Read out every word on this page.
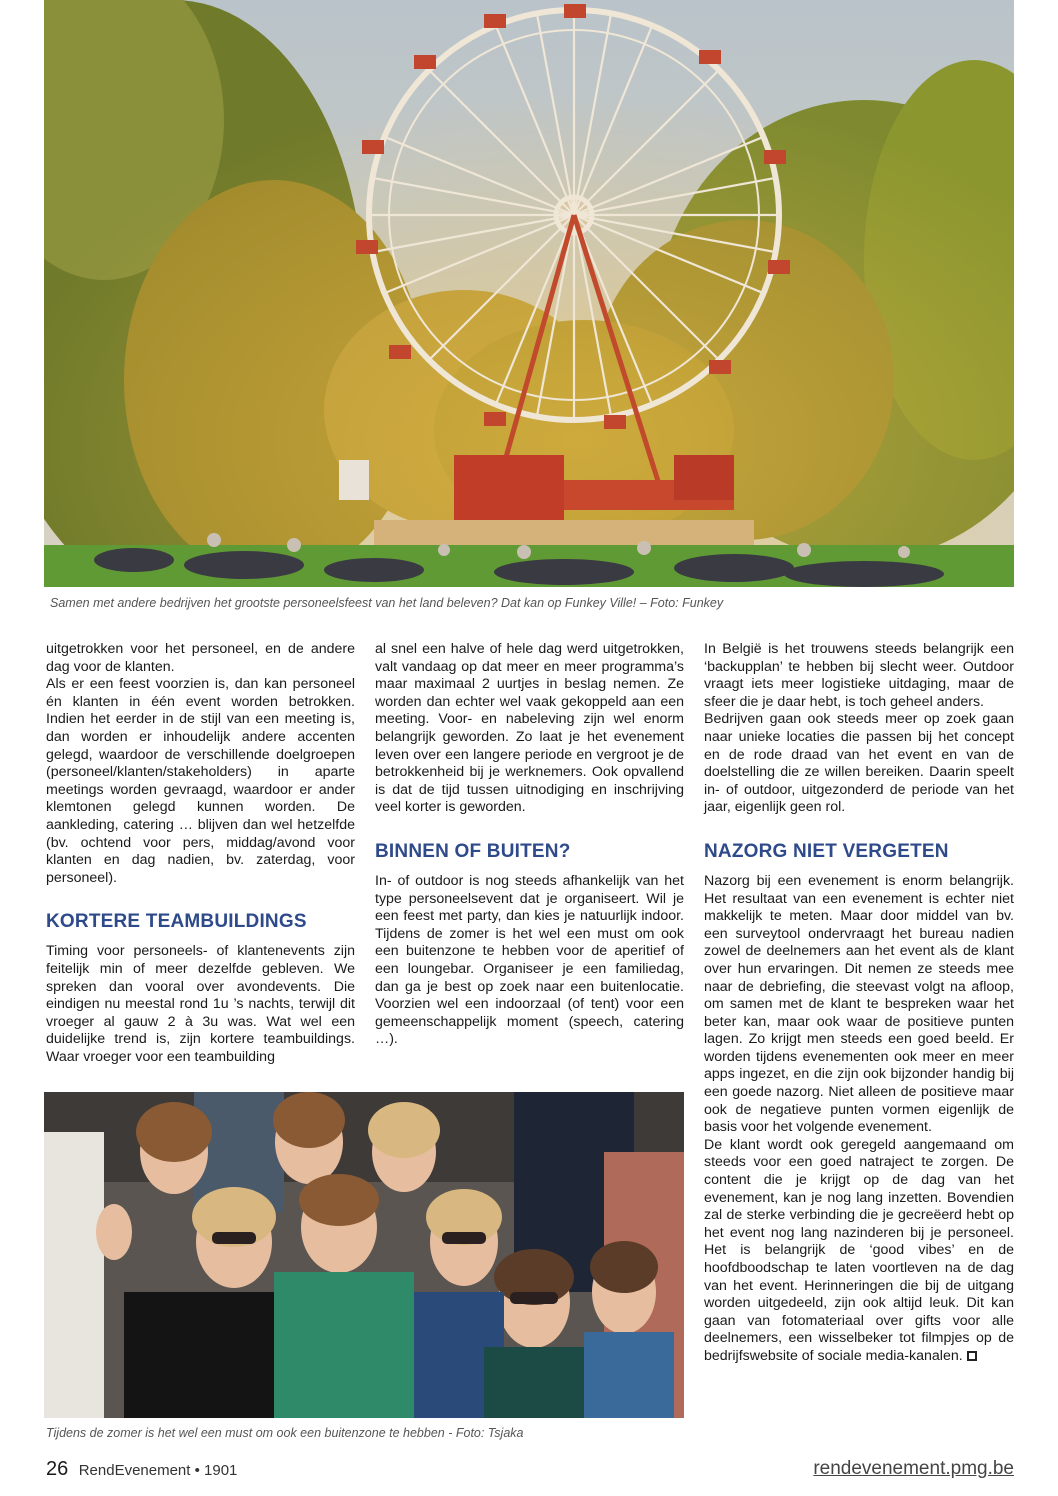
Samen met andere bedrijven het grootste personeelsfeest van het land beleven? Dat kan op Funkey Ville! – Foto: Funkey

uitgetrokken voor het personeel, en de andere dag voor de klanten.

Als er een feest voorzien is, dan kan personeel én klanten in één event worden betrokken. Indien het eerder in de stijl van een meeting is, dan worden er inhoudelijk andere accenten gelegd, waardoor de verschillende doelgroepen (personeel/klanten/stakeholders) in aparte meetings worden gevraagd, waardoor er ander klemtonen gelegd kunnen worden. De aankleding, catering … blijven dan wel hetzelfde (bv. ochtend voor pers, middag/avond voor klanten en dag nadien, bv. zaterdag, voor personeel).

KORTERE TEAMBUILDINGS

Timing voor personeels- of klantenevents zijn feitelijk min of meer dezelfde gebleven. We spreken dan vooral over avondevents. Die eindigen nu meestal rond 1u ’s nachts, terwijl dit vroeger al gauw 2 à 3u was. Wat wel een duidelijke trend is, zijn kortere teambuildings. Waar vroeger voor een teambuilding

al snel een halve of hele dag werd uitgetrokken, valt vandaag op dat meer en meer programma’s maar maximaal 2 uurtjes in beslag nemen. Ze worden dan echter wel vaak gekoppeld aan een meeting. Voor- en nabeleving zijn wel enorm belangrijk geworden. Zo laat je het evenement leven over een langere periode en vergroot je de betrokkenheid bij je werknemers. Ook opvallend is dat de tijd tussen uitnodiging en inschrijving veel korter is geworden.

BINNEN OF BUITEN?

In- of outdoor is nog steeds afhankelijk van het type personeelsevent dat je organiseert. Wil je een feest met party, dan kies je natuurlijk indoor. Tijdens de zomer is het wel een must om ook een buitenzone te hebben voor de aperitief of een loungebar. Organiseer je een familiedag, dan ga je best op zoek naar een buitenlocatie. Voorzien wel een indoorzaal (of tent) voor een gemeenschappelijk moment (speech, catering …).

In België is het trouwens steeds belangrijk een ‘backupplan’ te hebben bij slecht weer. Outdoor vraagt iets meer logistieke uitdaging, maar de sfeer die je daar hebt, is toch geheel anders.

Bedrijven gaan ook steeds meer op zoek gaan naar unieke locaties die passen bij het concept en de rode draad van het event en van de doelstelling die ze willen bereiken. Daarin speelt in- of outdoor, uitgezonderd de periode van het jaar, eigenlijk geen rol.

NAZORG NIET VERGETEN

Nazorg bij een evenement is enorm belangrijk. Het resultaat van een evenement is echter niet makkelijk te meten. Maar door middel van bv. een surveytool ondervraagt het bureau nadien zowel de deelnemers aan het event als de klant over hun ervaringen. Dit nemen ze steeds mee naar de debriefing, die steevast volgt na afloop, om samen met de klant te bespreken waar het beter kan, maar ook waar de positieve punten lagen. Zo krijgt men steeds een goed beeld. Er worden tijdens evenementen ook meer en meer apps ingezet, en die zijn ook bijzonder handig bij een goede nazorg. Niet alleen de positieve maar ook de negatieve punten vormen eigenlijk de basis voor het volgende evenement.

De klant wordt ook geregeld aangemaand om steeds voor een goed natraject te zorgen. De content die je krijgt op de dag van het evenement, kan je nog lang inzetten. Bovendien zal de sterke verbinding die je gecreëerd hebt op het event nog lang nazinderen bij je personeel. Het is belangrijk de ‘good vibes’ en de hoofdboodschap te laten voortleven na de dag van het event. Herinneringen die bij de uitgang worden uitgedeeld, zijn ook altijd leuk. Dit kan gaan van fotomateriaal over gifts voor alle deelnemers, een wisselbeker tot filmpjes op de bedrijfswebsite of sociale media-kanalen.

Tijdens de zomer is het wel een must om ook een buitenzone te hebben - Foto: Tsjaka
26 RendEvenement • 1901	rendevenement.pmg.be
